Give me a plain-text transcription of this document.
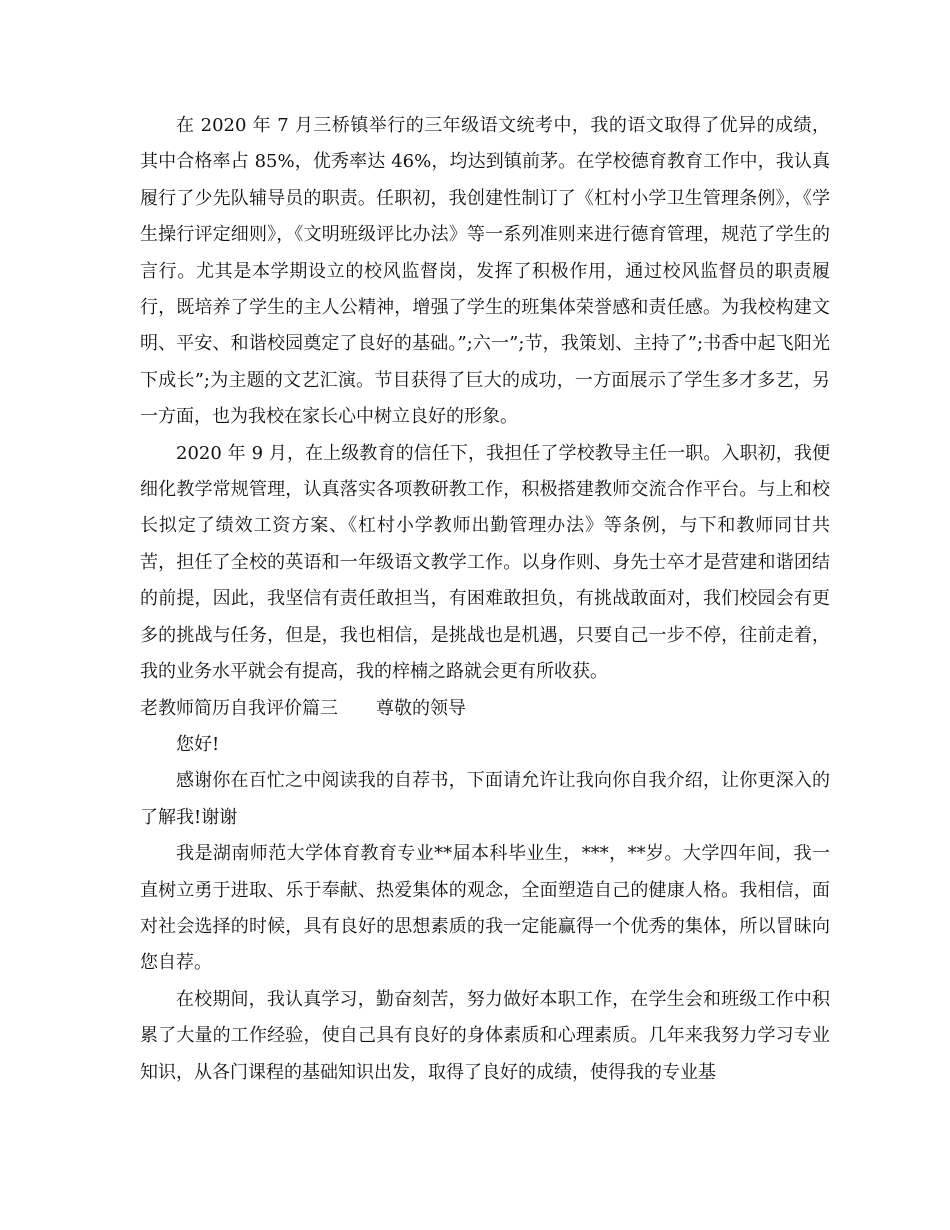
在 2020 年 7 月三桥镇举行的三年级语文统考中，我的语文取得了优异的成绩，其中合格率占 85%，优秀率达 46%，均达到镇前茅。在学校德育教育工作中，我认真履行了少先队辅导员的职责。任职初，我创建性制订了《杠村小学卫生管理条例》，《学生操行评定细则》，《文明班级评比办法》等一系列准则来进行德育管理，规范了学生的言行。尤其是本学期设立的校风监督岗，发挥了积极作用，通过校风监督员的职责履行，既培养了学生的主人公精神，增强了学生的班集体荣誉感和责任感。为我校构建文明、平安、和谐校园奠定了良好的基础。”;六一”;节，我策划、主持了”;书香中起飞阳光下成长”;为主题的文艺汇演。节目获得了巨大的成功，一方面展示了学生多才多艺，另一方面，也为我校在家长心中树立良好的形象。

2020 年 9 月，在上级教育的信任下，我担任了学校教导主任一职。入职初，我便细化教学常规管理，认真落实各项教研教工作，积极搭建教师交流合作平台。与上和校长拟定了绩效工资方案、《杠村小学教师出勤管理办法》等条例，与下和教师同甘共苦，担任了全校的英语和一年级语文教学工作。以身作则、身先士卒才是营建和谐团结的前提，因此，我坚信有责任敢担当，有困难敢担负，有挑战敢面对，我们校园会有更多的挑战与任务，但是，我也相信，是挑战也是机遇，只要自己一步不停，往前走着，我的业务水平就会有提高，我的梓楠之路就会更有所收获。

老教师简历自我评价篇三 尊敬的领导

您好!

感谢你在百忙之中阅读我的自荐书，下面请允许让我向你自我介绍，让你更深入的了解我!谢谢

我是湖南师范大学体育教育专业**届本科毕业生，***，**岁。大学四年间，我一直树立勇于进取、乐于奉献、热爱集体的观念，全面塑造自己的健康人格。我相信，面对社会选择的时候，具有良好的思想素质的我一定能赢得一个优秀的集体，所以冒昧向您自荐。

在校期间，我认真学习，勤奋刻苦，努力做好本职工作，在学生会和班级工作中积累了大量的工作经验，使自己具有良好的身体素质和心理素质。几年来我努力学习专业知识，从各门课程的基础知识出发，取得了良好的成绩，使得我的专业基
